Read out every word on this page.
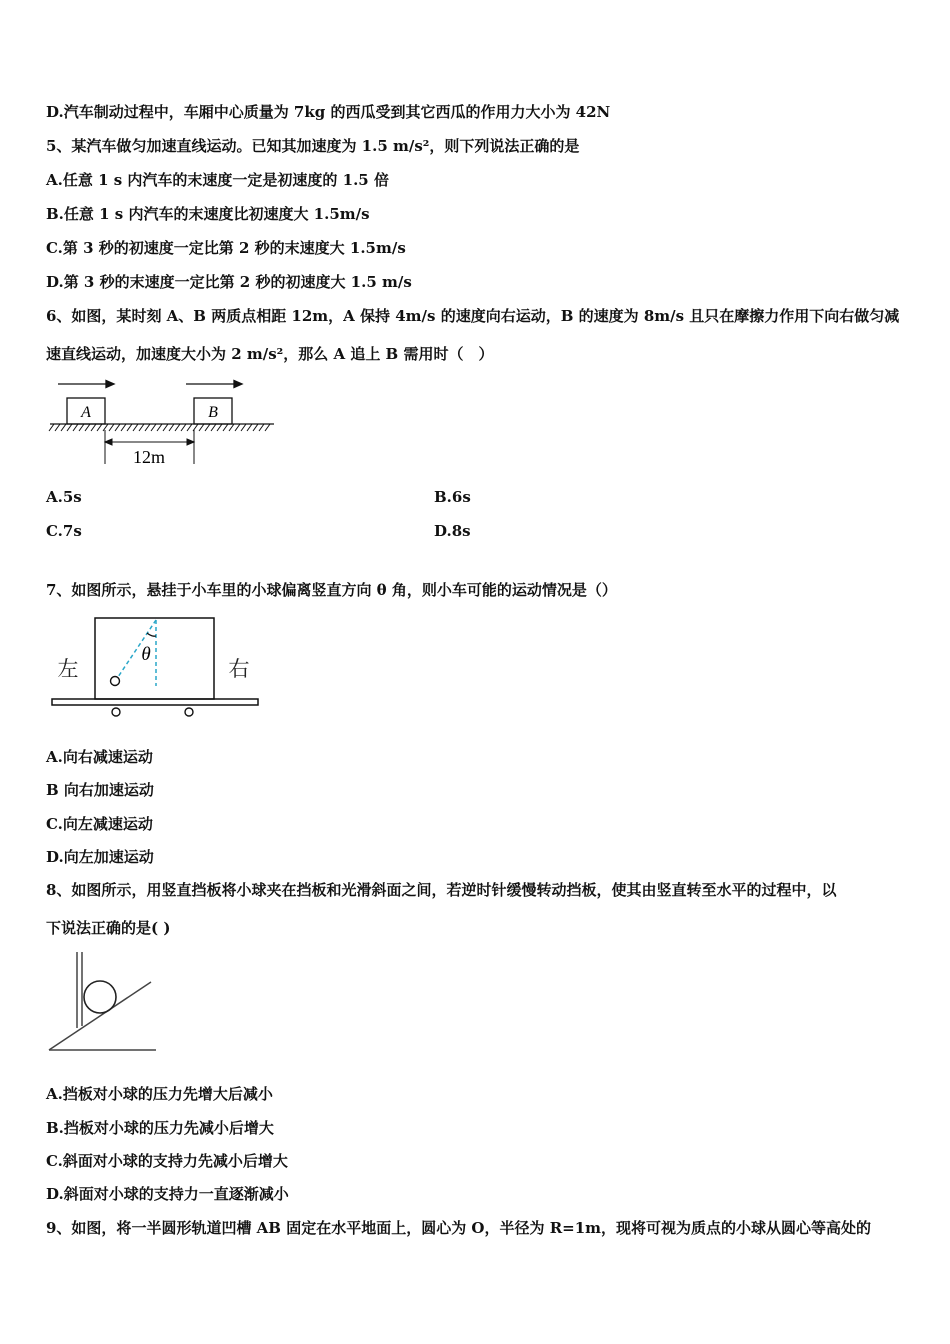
D.汽车制动过程中，车厢中心质量为 7kg 的西瓜受到其它西瓜的作用力大小为 42N
5、某汽车做匀加速直线运动。已知其加速度为 1.5 m/s²，则下列说法正确的是
A.任意 1 s 内汽车的末速度一定是初速度的 1.5 倍
B.任意 1 s 内汽车的末速度比初速度大 1.5m/s
C.第 3 秒的初速度一定比第 2 秒的末速度大 1.5m/s
D.第 3 秒的末速度一定比第 2 秒的初速度大 1.5 m/s
6、如图，某时刻 A、B 两质点相距 12m，A 保持 4m/s 的速度向右运动，B 的速度为 8m/s 且只在摩擦力作用下向右做匀减
速直线运动，加速度大小为 2 m/s²，那么 A 追上 B 需用时（　）
A	B
12m
A.5s	B.6s
C.7s	D.8s
7、如图所示，悬挂于小车里的小球偏离竖直方向 θ 角，则小车可能的运动情况是（）
θ
左	右
A.向右减速运动
B 向右加速运动
C.向左减速运动
D.向左加速运动
8、如图所示，用竖直挡板将小球夹在挡板和光滑斜面之间，若逆时针缓慢转动挡板，使其由竖直转至水平的过程中，以
下说法正确的是( )
A.挡板对小球的压力先增大后减小
B.挡板对小球的压力先减小后增大
C.斜面对小球的支持力先减小后增大
D.斜面对小球的支持力一直逐渐减小
9、如图，将一半圆形轨道凹槽 AB 固定在水平地面上，圆心为 O，半径为 R=1m，现将可视为质点的小球从圆心等高处的
